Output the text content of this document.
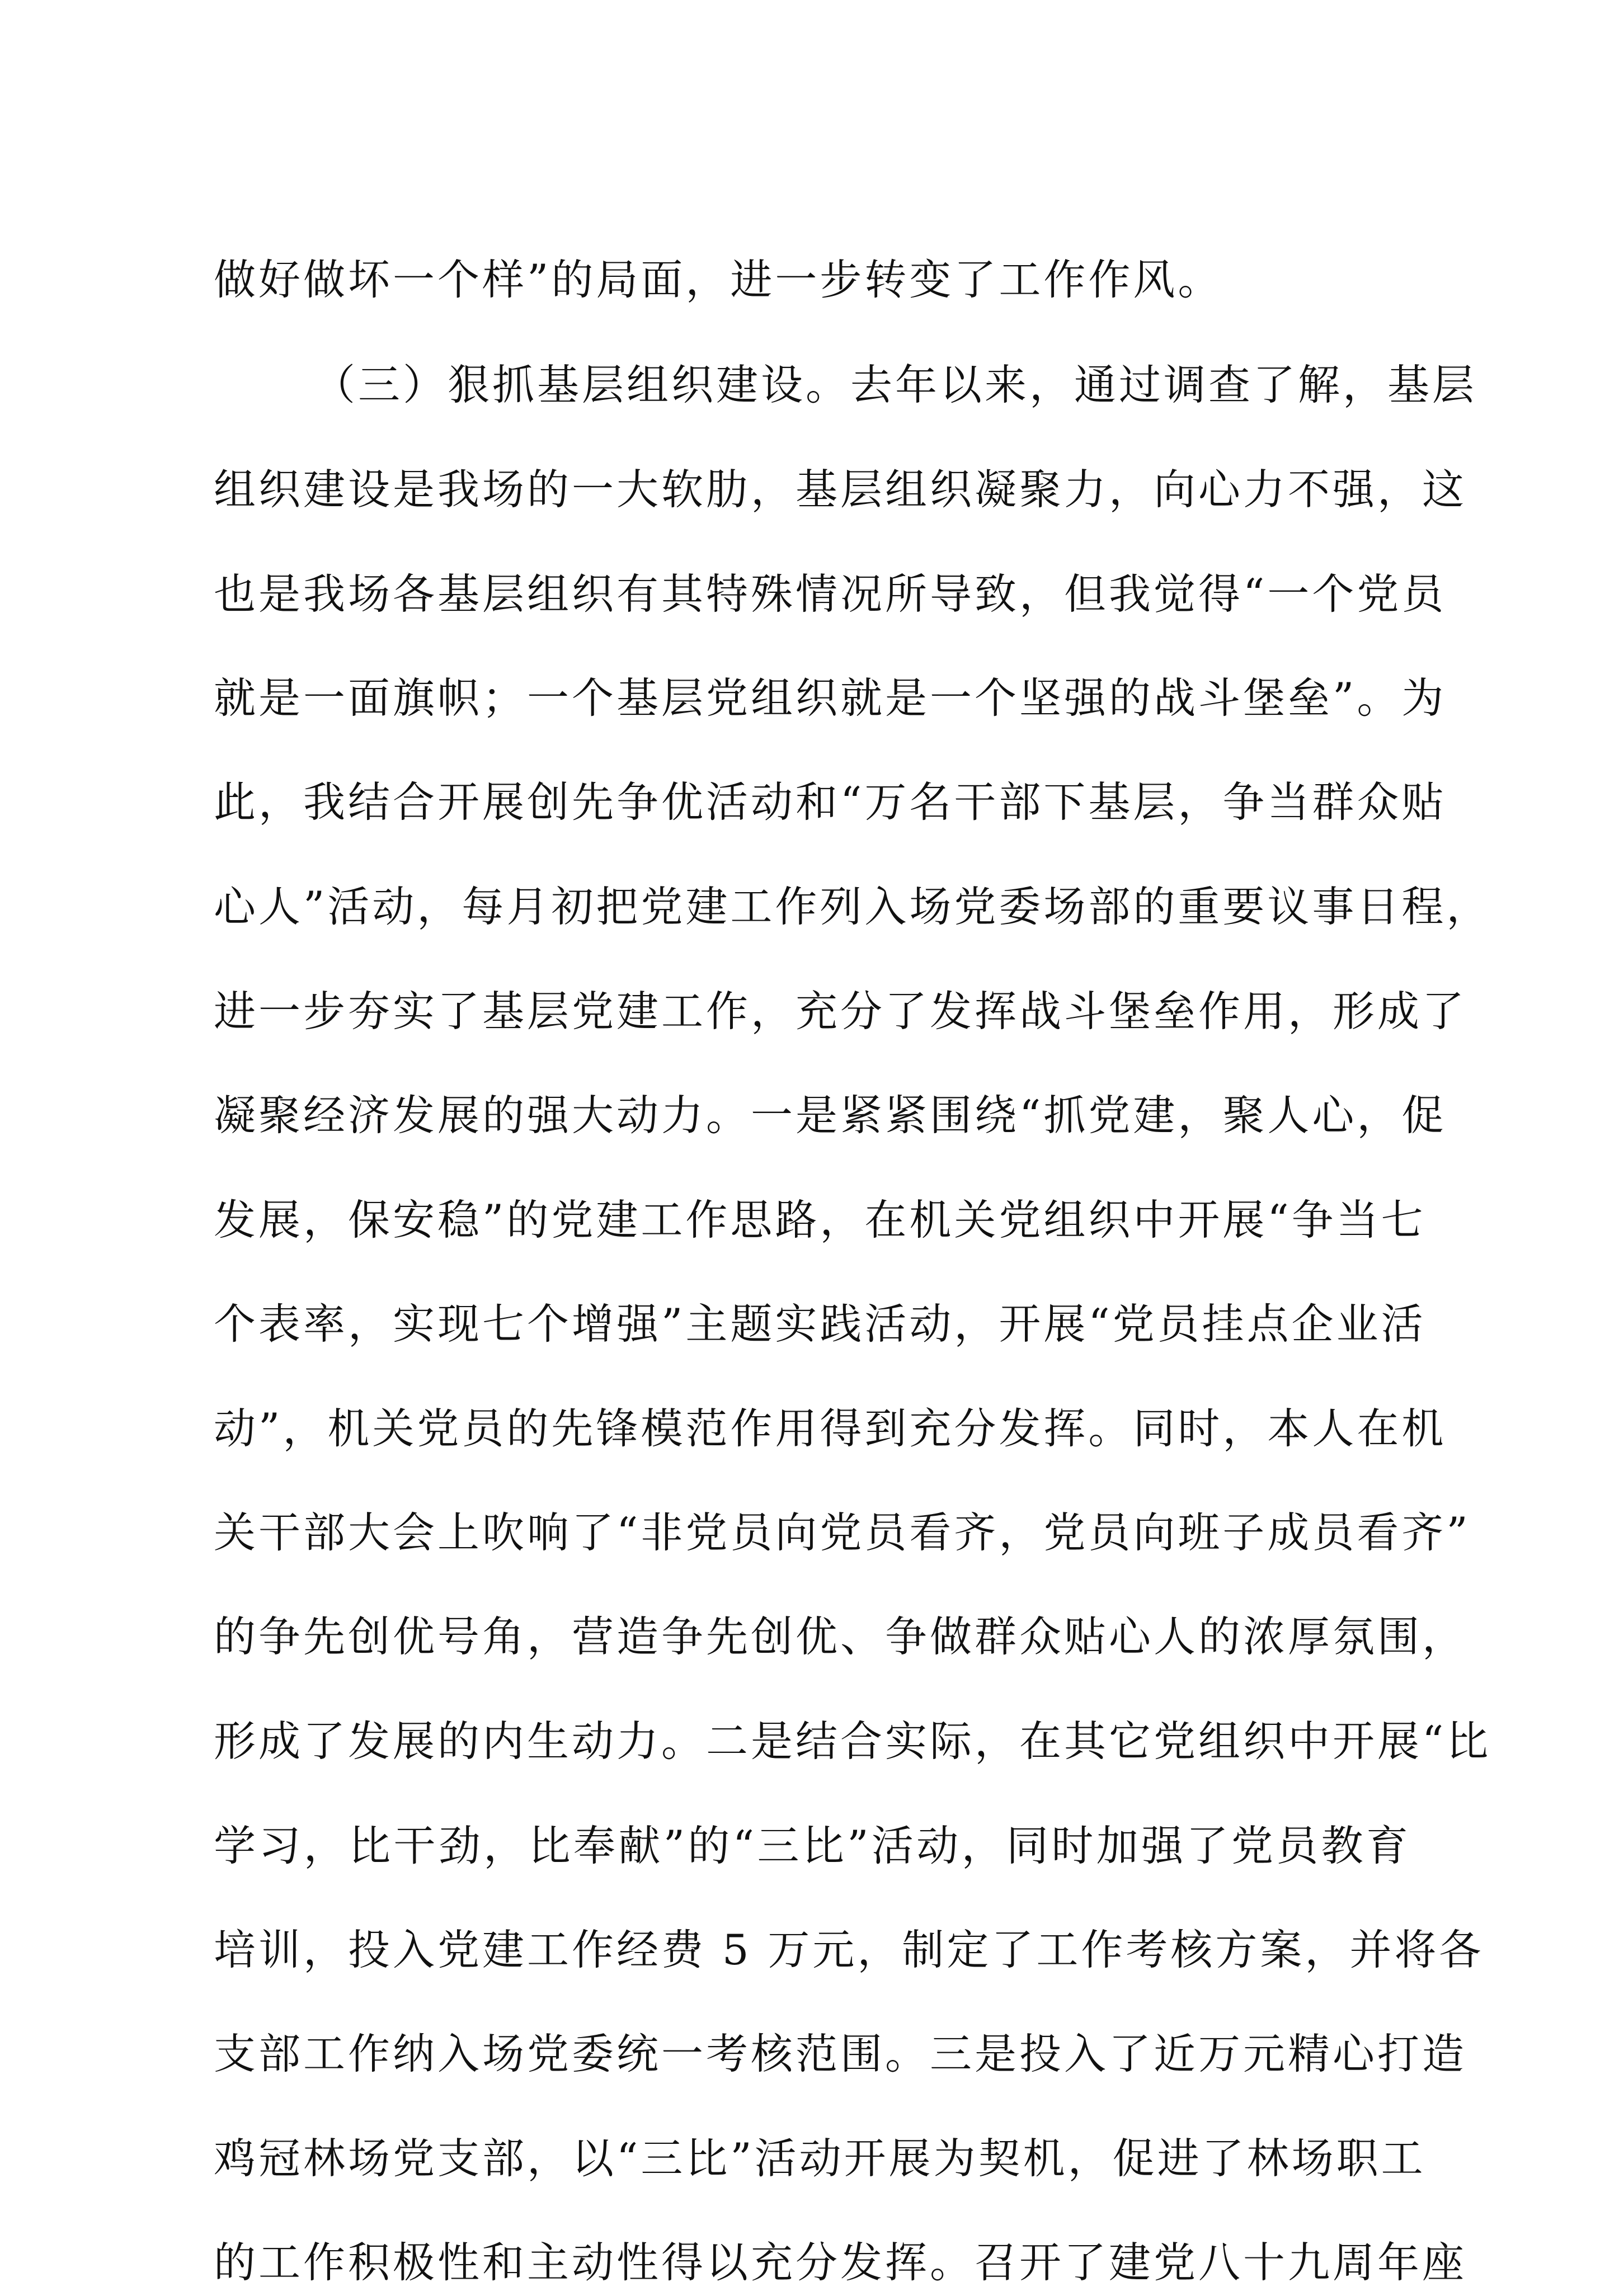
做好做坏一个样”的局面，进一步转变了工作作风。
（三）狠抓基层组织建设。去年以来，通过调查了解，基层
组织建设是我场的一大软肋，基层组织凝聚力，向心力不强，这
也是我场各基层组织有其特殊情况所导致，但我觉得“一个党员
就是一面旗帜；一个基层党组织就是一个坚强的战斗堡垒”。为
此，我结合开展创先争优活动和“万名干部下基层，争当群众贴
心人”活动，每月初把党建工作列入场党委场部的重要议事日程，
进一步夯实了基层党建工作，充分了发挥战斗堡垒作用，形成了
凝聚经济发展的强大动力。一是紧紧围绕“抓党建，聚人心，促
发展，保安稳”的党建工作思路，在机关党组织中开展“争当七
个表率，实现七个增强”主题实践活动，开展“党员挂点企业活
动”，机关党员的先锋模范作用得到充分发挥。同时，本人在机
关干部大会上吹响了“非党员向党员看齐，党员向班子成员看齐”
的争先创优号角，营造争先创优、争做群众贴心人的浓厚氛围，
形成了发展的内生动力。二是结合实际，在其它党组织中开展“比
学习，比干劲，比奉献”的“三比”活动，同时加强了党员教育
培训，投入党建工作经费 5 万元，制定了工作考核方案，并将各
支部工作纳入场党委统一考核范围。三是投入了近万元精心打造
鸡冠林场党支部，以“三比”活动开展为契机，促进了林场职工
的工作积极性和主动性得以充分发挥。召开了建党八十九周年座
